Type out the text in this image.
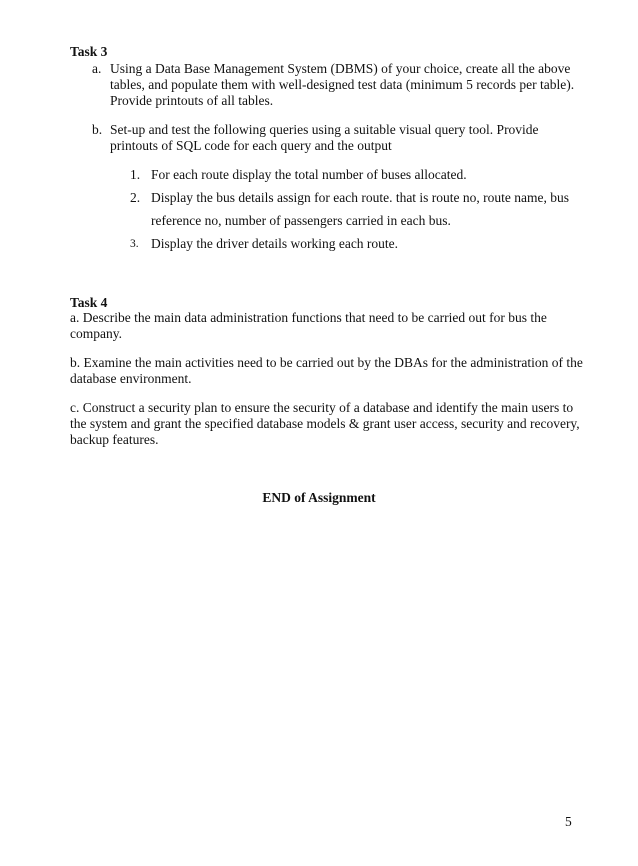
Task 3
a. Using a Data Base Management System (DBMS) of your choice, create all the above
tables, and populate them with well-designed test data (minimum 5 records per table).
Provide printouts of all tables.
b. Set-up and test the following queries using a suitable visual query tool. Provide
printouts of SQL code for each query and the output
1. For each route display the total number of buses allocated.
2. Display the bus details assign for each route. that is route no, route name, bus
reference no, number of passengers carried in each bus.
3. Display the driver details working each route.
Task 4
a. Describe the main data administration functions that need to be carried out for bus the
company.
b. Examine the main activities need to be carried out by the DBAs for the administration of the
database environment.
c. Construct a security plan to ensure the security of a database and identify the main users to
the system and grant the specified database models & grant user access, security and recovery,
backup features.
END of Assignment
5
